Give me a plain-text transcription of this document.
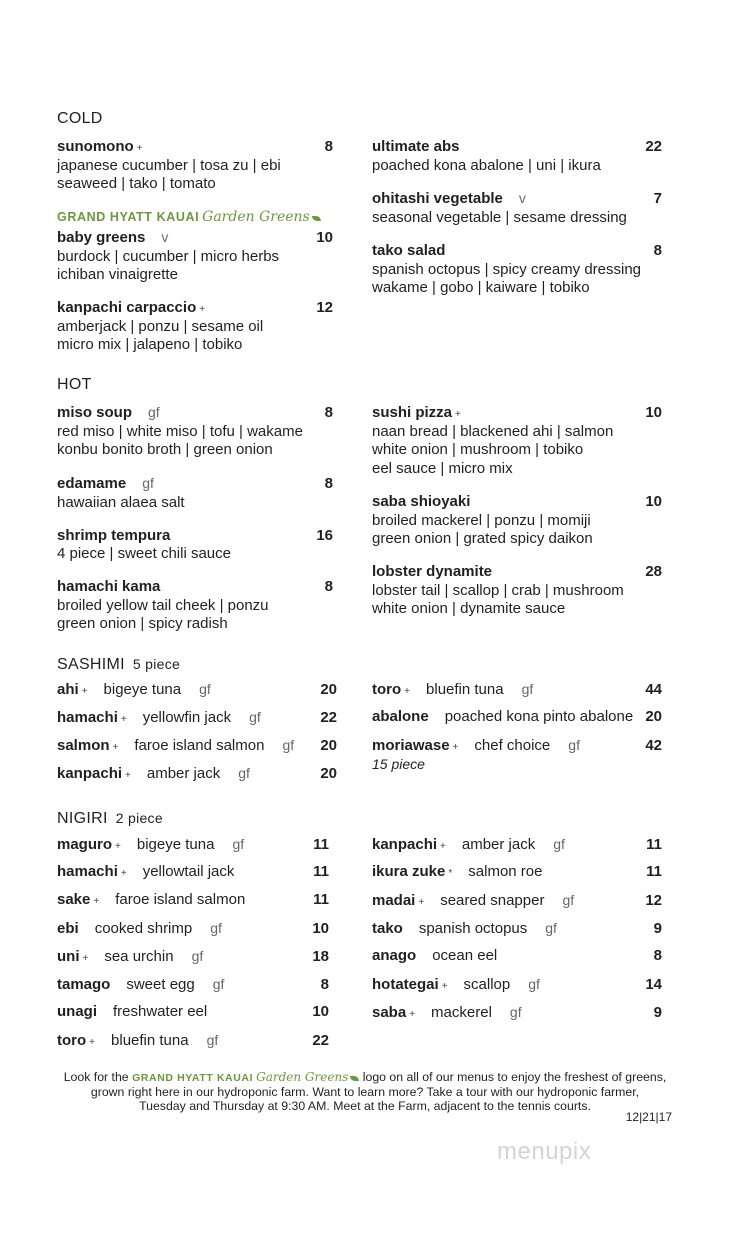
COLD
sunomono +	8
japanese cucumber | tosa zu | ebi
seaweed | tako | tomato
GRAND HYATT KAUAI Garden Greens
baby greens v	10
burdock | cucumber | micro herbs
ichiban vinaigrette
kanpachi carpaccio +	12
amberjack | ponzu | sesame oil
micro mix | jalapeno | tobiko
ultimate abs	22
poached kona abalone | uni | ikura
ohitashi vegetable v	7
seasonal vegetable | sesame dressing
tako salad	8
spanish octopus | spicy creamy dressing
wakame | gobo | kaiware | tobiko
HOT
miso soup gf	8
red miso | white miso | tofu | wakame
konbu bonito broth | green onion
edamame gf	8
hawaiian alaea salt
shrimp tempura	16
4 piece | sweet chili sauce
hamachi kama	8
broiled yellow tail cheek | ponzu
green onion | spicy radish
sushi pizza +	10
naan bread | blackened ahi | salmon
white onion | mushroom | tobiko
eel sauce | micro mix
saba shioyaki	10
broiled mackerel | ponzu | momiji
green onion | grated spicy daikon
lobster dynamite	28
lobster tail | scallop | crab | mushroom
white onion | dynamite sauce
SASHIMI 5 piece
ahi + bigeye tuna gf	20
hamachi + yellowfin jack gf	22
salmon + faroe island salmon gf 20
kanpachi + amber jack gf	20
toro + bluefin tuna gf	44
abalone poached kona pinto abalone 20
moriawase + chef choice gf	42
15 piece
NIGIRI 2 piece
maguro + bigeye tuna gf	11
hamachi + yellowtail jack	11
sake + faroe island salmon	11
ebi cooked shrimp gf	10
uni + sea urchin gf	18
tamago sweet egg gf	8
unagi freshwater eel	10
toro + bluefin tuna gf	22
kanpachi + amber jack gf	11
ikura zuke * salmon roe	11
madai + seared snapper gf	12
tako spanish octopus gf	9
anago ocean eel	8
hotategai + scallop gf	14
saba + mackerel gf	9
Look for the GRAND HYATT KAUAI Garden Greens logo on all of our menus to enjoy the freshest of greens,
grown right here in our hydroponic farm. Want to learn more? Take a tour with our hydroponic farmer,
Tuesday and Thursday at 9:30 AM. Meet at the Farm, adjacent to the tennis courts.
12|21|17
menupix
